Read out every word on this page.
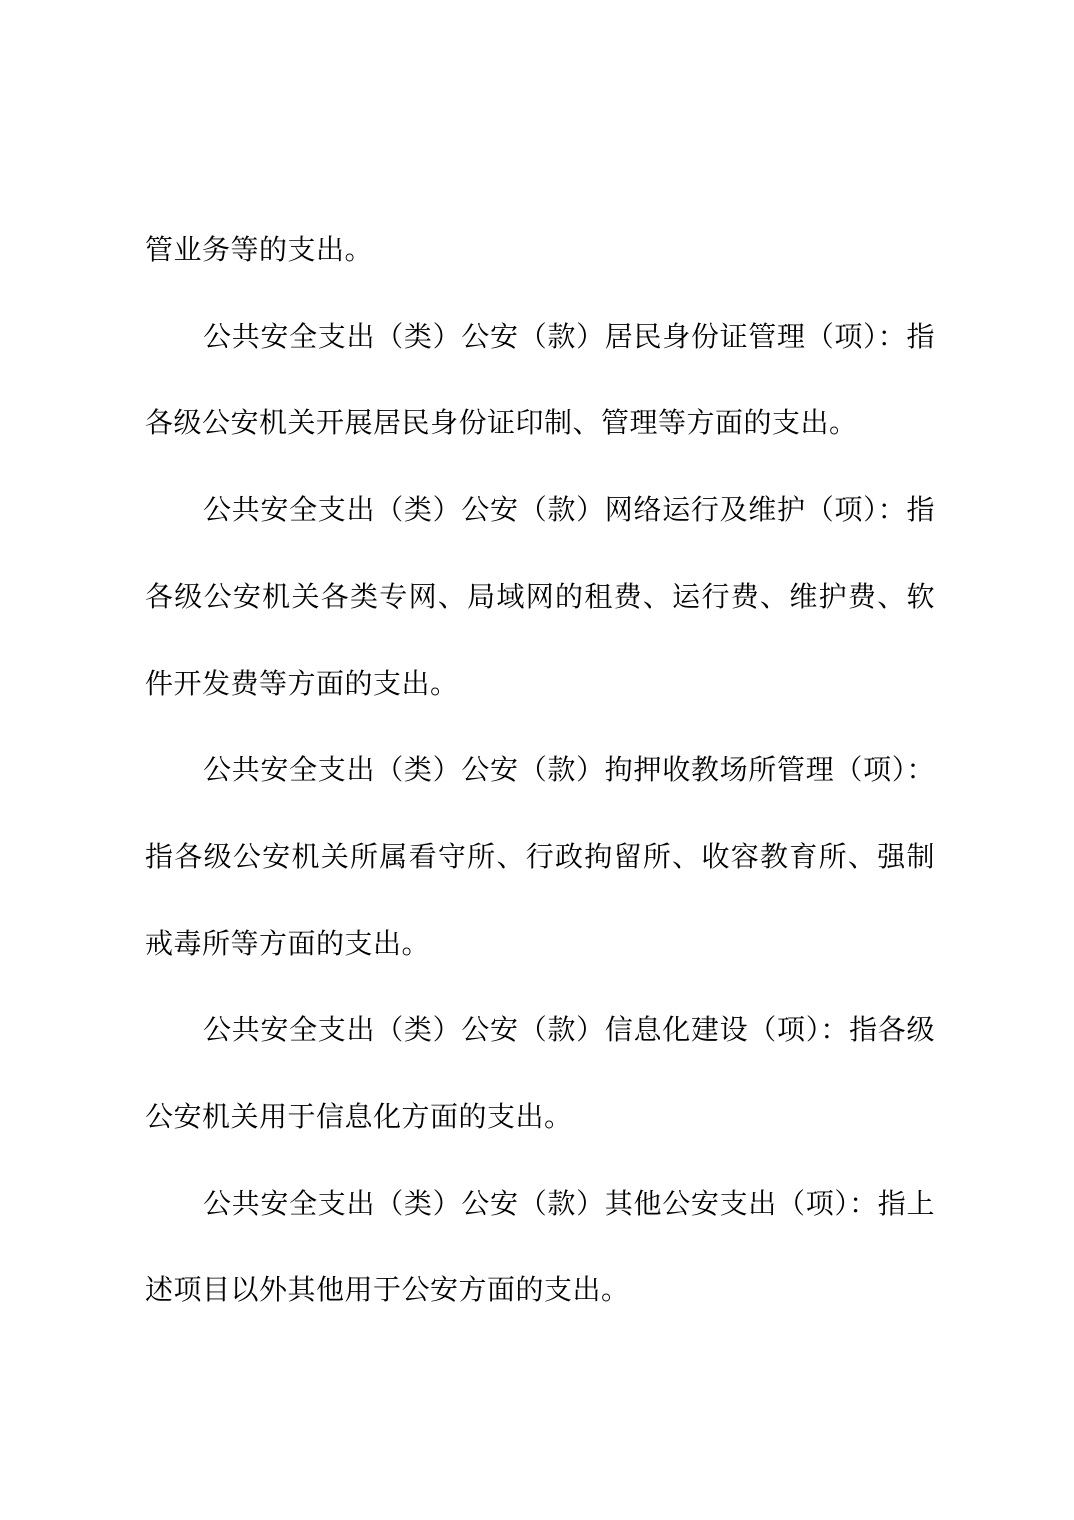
管业务等的支出。

公共安全支出（类）公安（款）居民身份证管理（项）：指各级公安机关开展居民身份证印制、管理等方面的支出。

公共安全支出（类）公安（款）网络运行及维护（项）：指各级公安机关各类专网、局域网的租费、运行费、维护费、软件开发费等方面的支出。

公共安全支出（类）公安（款）拘押收教场所管理（项）：指各级公安机关所属看守所、行政拘留所、收容教育所、强制戒毒所等方面的支出。

公共安全支出（类）公安（款）信息化建设（项）：指各级公安机关用于信息化方面的支出。

公共安全支出（类）公安（款）其他公安支出（项）：指上述项目以外其他用于公安方面的支出。
